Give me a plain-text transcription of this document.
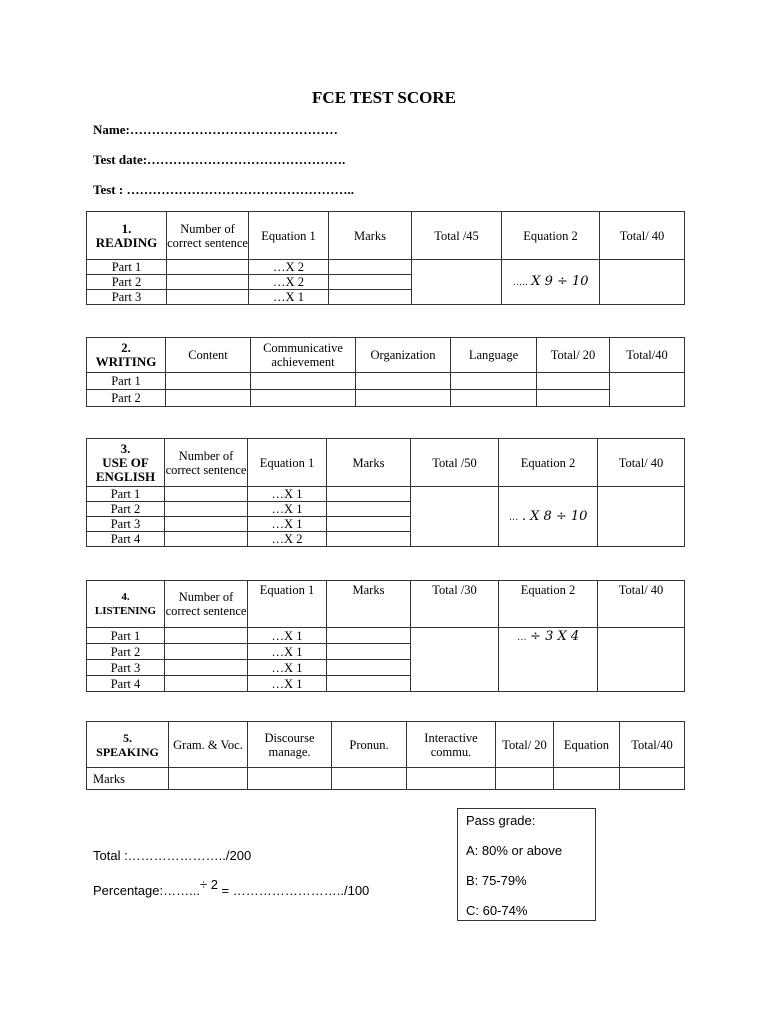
FCE TEST SCORE
Name:…………………………………………
Test date:……………………………………….
Test : ……………………………………………..
1.
READING	Number of correct sentence	Equation 1	Marks	Total /45	Equation 2	Total/ 40
Part 1		…X 2			….. X 9 ÷ 10	
Part 2		…X 2				
Part 3		…X 1				
2.
WRITING	Content	Communicative achievement	Organization	Language	Total/ 20	Total/40
Part 1						
Part 2						
3.
USE OF
ENGLISH	Number of correct sentence	Equation 1	Marks	Total /50	Equation 2	Total/ 40
Part 1		…X 1			… . X 8 ÷ 10	
Part 2		…X 1				
Part 3		…X 1				
Part 4		…X 2				
4.
LISTENING	Number of correct sentence	Equation 1	Marks	Total /30	Equation 2	Total/ 40
Part 1		…X 1			… ÷ 3 X 4	
Part 2		…X 1				
Part 3		…X 1				
Part 4		…X 1				
5.
SPEAKING	Gram. & Voc.	Discourse manage.	Pronun.	Interactive commu.	Total/ 20	Equation	Total/40
Marks							
Total :…………………../200
Percentage:……...÷ 2 = ……………………../100
Pass grade:
A: 80% or above
B: 75-79%
C: 60-74%
